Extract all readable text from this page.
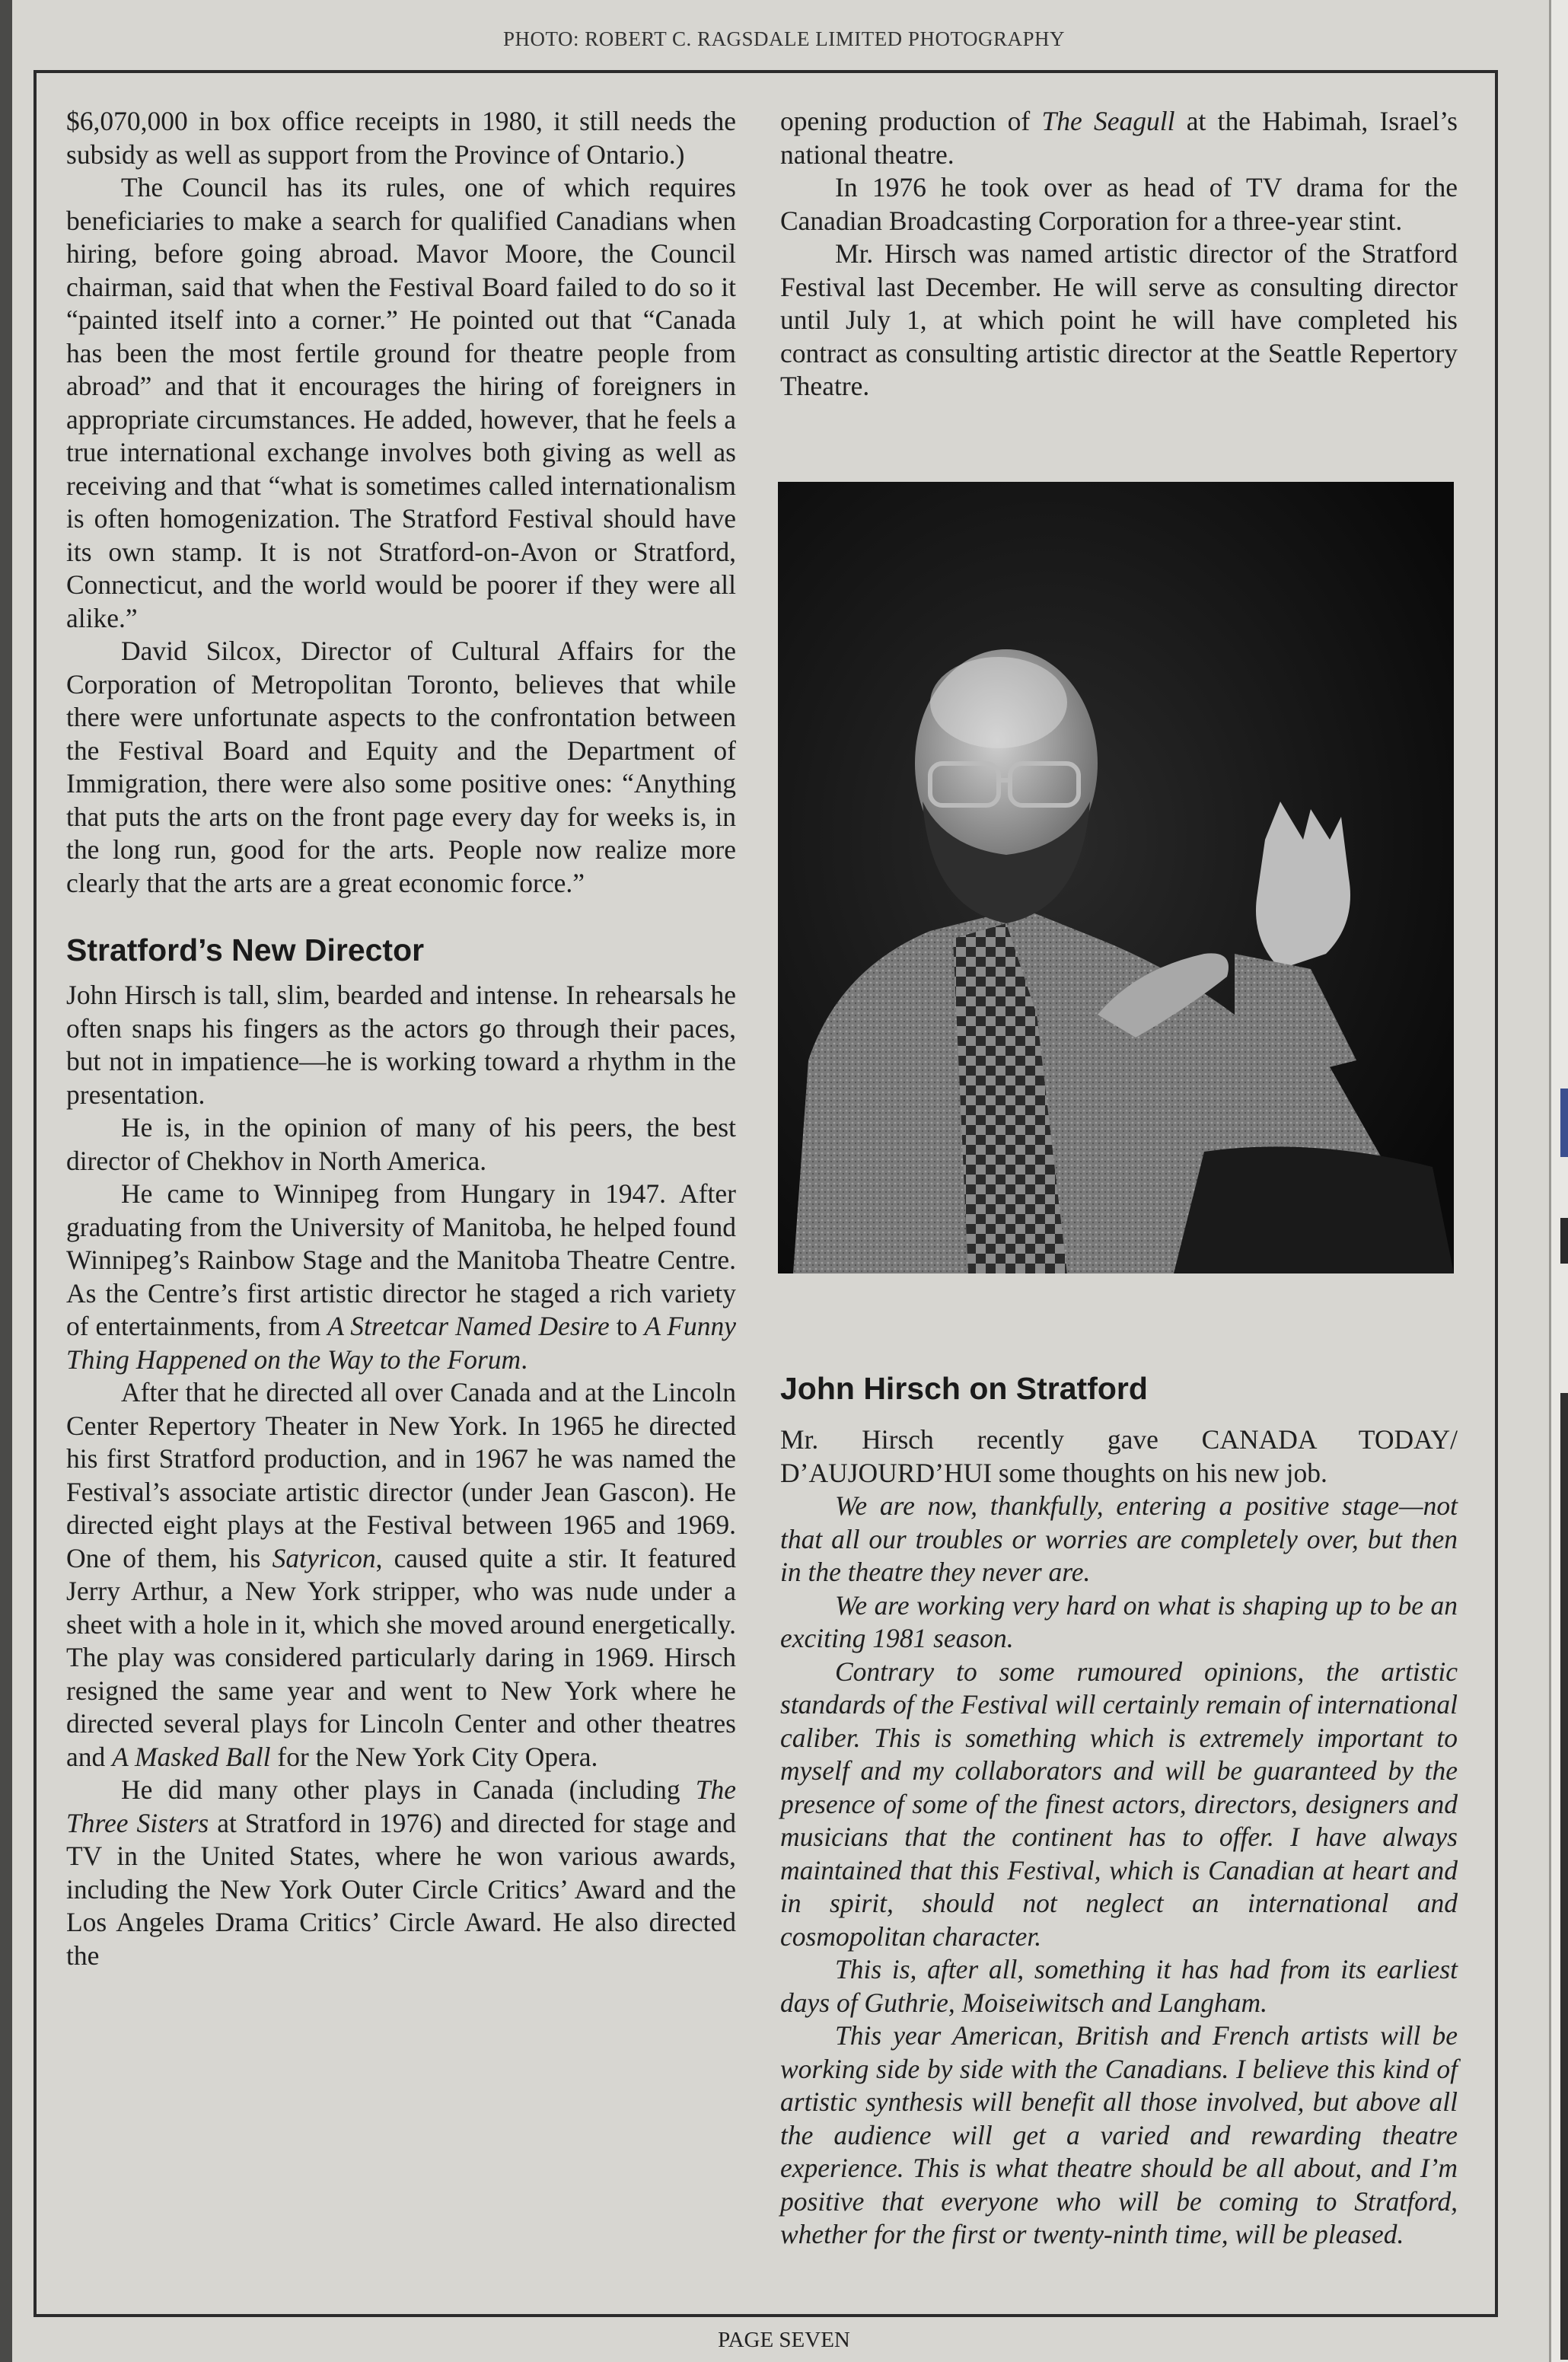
PHOTO: ROBERT C. RAGSDALE LIMITED PHOTOGRAPHY

$6,070,000 in box office receipts in 1980, it still needs the subsidy as well as support from the Province of Ontario.)

The Council has its rules, one of which requires beneficiaries to make a search for qualified Canadians when hiring, before going abroad. Mavor Moore, the Council chairman, said that when the Festival Board failed to do so it “painted itself into a corner.” He pointed out that “Canada has been the most fertile ground for theatre people from abroad” and that it encourages the hiring of foreigners in appropriate circumstances. He added, however, that he feels a true international exchange involves both giving as well as receiving and that “what is sometimes called internationalism is often homogenization. The Stratford Festival should have its own stamp. It is not Stratford-on-Avon or Stratford, Connecticut, and the world would be poorer if they were all alike.”

David Silcox, Director of Cultural Affairs for the Corporation of Metropolitan Toronto, believes that while there were unfortunate aspects to the confrontation between the Festival Board and Equity and the Department of Immigration, there were also some positive ones: “Anything that puts the arts on the front page every day for weeks is, in the long run, good for the arts. People now realize more clearly that the arts are a great economic force.”

Stratford’s New Director

John Hirsch is tall, slim, bearded and intense. In rehearsals he often snaps his fingers as the actors go through their paces, but not in impatience—he is working toward a rhythm in the presentation.

He is, in the opinion of many of his peers, the best director of Chekhov in North America.

He came to Winnipeg from Hungary in 1947. After graduating from the University of Manitoba, he helped found Winnipeg’s Rainbow Stage and the Manitoba Theatre Centre. As the Centre’s first artistic director he staged a rich variety of entertainments, from A Streetcar Named Desire to A Funny Thing Happened on the Way to the Forum.

After that he directed all over Canada and at the Lincoln Center Repertory Theater in New York. In 1965 he directed his first Stratford production, and in 1967 he was named the Festival’s associate artistic director (under Jean Gascon). He directed eight plays at the Festival between 1965 and 1969. One of them, his Satyricon, caused quite a stir. It featured Jerry Arthur, a New York stripper, who was nude under a sheet with a hole in it, which she moved around energetically. The play was considered particularly daring in 1969. Hirsch resigned the same year and went to New York where he directed several plays for Lincoln Center and other theatres and A Masked Ball for the New York City Opera.

He did many other plays in Canada (including The Three Sisters at Stratford in 1976) and directed for stage and TV in the United States, where he won various awards, including the New York Outer Circle Critics’ Award and the Los Angeles Drama Critics’ Circle Award. He also directed the

opening production of The Seagull at the Habimah, Israel’s national theatre.

In 1976 he took over as head of TV drama for the Canadian Broadcasting Corporation for a three-year stint.

Mr. Hirsch was named artistic director of the Stratford Festival last December. He will serve as consulting director until July 1, at which point he will have completed his contract as consulting artistic director at the Seattle Repertory Theatre.

John Hirsch on Stratford

Mr. Hirsch recently gave CANADA TODAY/ D’AUJOURD’HUI some thoughts on his new job.

We are now, thankfully, entering a positive stage—not that all our troubles or worries are completely over, but then in the theatre they never are.

We are working very hard on what is shaping up to be an exciting 1981 season.

Contrary to some rumoured opinions, the artistic standards of the Festival will certainly remain of international caliber. This is something which is extremely important to myself and my collaborators and will be guaranteed by the presence of some of the finest actors, directors, designers and musicians that the continent has to offer. I have always maintained that this Festival, which is Canadian at heart and in spirit, should not neglect an international and cosmopolitan character.

This is, after all, something it has had from its earliest days of Guthrie, Moiseiwitsch and Langham.

This year American, British and French artists will be working side by side with the Canadians. I believe this kind of artistic synthesis will benefit all those involved, but above all the audience will get a varied and rewarding theatre experience. This is what theatre should be all about, and I’m positive that everyone who will be coming to Stratford, whether for the first or twenty-ninth time, will be pleased.

PAGE SEVEN
